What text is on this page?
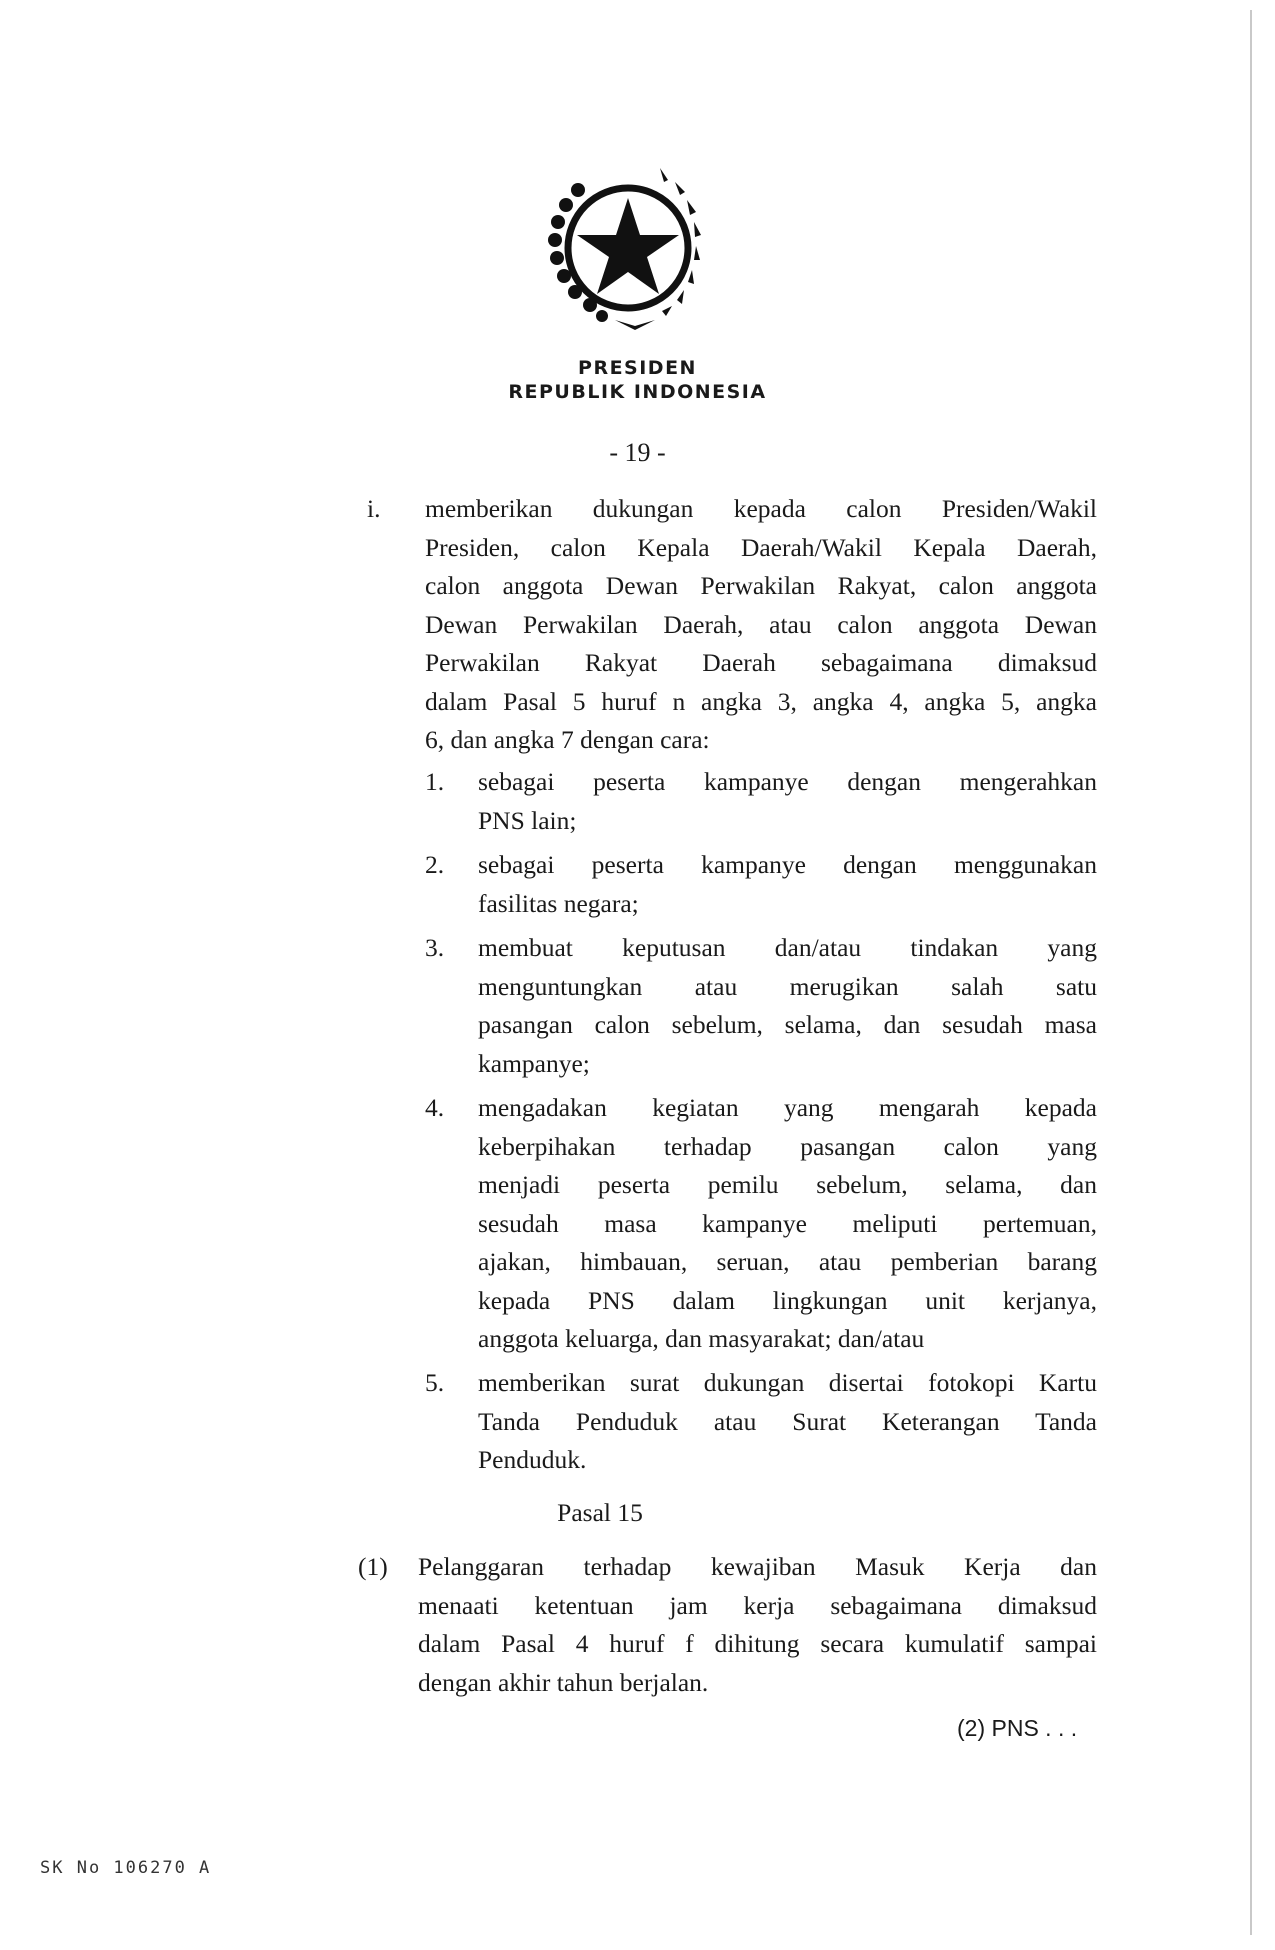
PRESIDEN
REPUBLIK INDONESIA
- 19 -
i. memberikan dukungan kepada calon Presiden/Wakil
Presiden, calon Kepala Daerah/Wakil Kepala Daerah,
calon anggota Dewan Perwakilan Rakyat, calon anggota
Dewan Perwakilan Daerah, atau calon anggota Dewan
Perwakilan Rakyat Daerah sebagaimana dimaksud
dalam Pasal 5 huruf n angka 3, angka 4, angka 5, angka
6, dan angka 7 dengan cara:
1. sebagai peserta kampanye dengan mengerahkan
PNS lain;
2. sebagai peserta kampanye dengan menggunakan
fasilitas negara;
3. membuat keputusan dan/atau tindakan yang
menguntungkan atau merugikan salah satu
pasangan calon sebelum, selama, dan sesudah masa
kampanye;
4. mengadakan kegiatan yang mengarah kepada
keberpihakan terhadap pasangan calon yang
menjadi peserta pemilu sebelum, selama, dan
sesudah masa kampanye meliputi pertemuan,
ajakan, himbauan, seruan, atau pemberian barang
kepada PNS dalam lingkungan unit kerjanya,
anggota keluarga, dan masyarakat; dan/atau
5. memberikan surat dukungan disertai fotokopi Kartu
Tanda Penduduk atau Surat Keterangan Tanda
Penduduk.
Pasal 15
(1) Pelanggaran terhadap kewajiban Masuk Kerja dan
menaati ketentuan jam kerja sebagaimana dimaksud
dalam Pasal 4 huruf f dihitung secara kumulatif sampai
dengan akhir tahun berjalan.
(2) PNS . . .
SK No 106270 A
